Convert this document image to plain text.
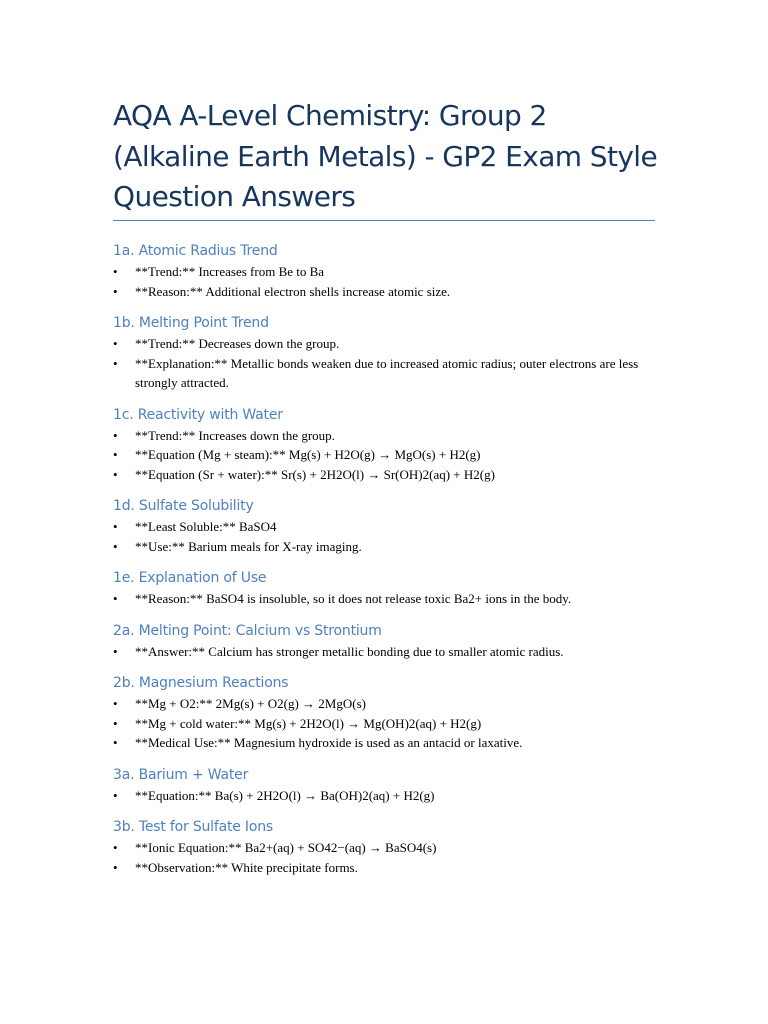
AQA A-Level Chemistry: Group 2
(Alkaline Earth Metals) - GP2 Exam Style
Question Answers
1a. Atomic Radius Trend
•	**Trend:** Increases from Be to Ba
•	**Reason:** Additional electron shells increase atomic size.
1b. Melting Point Trend
•	**Trend:** Decreases down the group.
•	**Explanation:** Metallic bonds weaken due to increased atomic radius; outer electrons are less strongly attracted.
1c. Reactivity with Water
•	**Trend:** Increases down the group.
•	**Equation (Mg + steam):** Mg(s) + H2O(g) → MgO(s) + H2(g)
•	**Equation (Sr + water):** Sr(s) + 2H2O(l) → Sr(OH)2(aq) + H2(g)
1d. Sulfate Solubility
•	**Least Soluble:** BaSO4
•	**Use:** Barium meals for X-ray imaging.
1e. Explanation of Use
•	**Reason:** BaSO4 is insoluble, so it does not release toxic Ba2+ ions in the body.
2a. Melting Point: Calcium vs Strontium
•	**Answer:** Calcium has stronger metallic bonding due to smaller atomic radius.
2b. Magnesium Reactions
•	**Mg + O2:** 2Mg(s) + O2(g) → 2MgO(s)
•	**Mg + cold water:** Mg(s) + 2H2O(l) → Mg(OH)2(aq) + H2(g)
•	**Medical Use:** Magnesium hydroxide is used as an antacid or laxative.
3a. Barium + Water
•	**Equation:** Ba(s) + 2H2O(l) → Ba(OH)2(aq) + H2(g)
3b. Test for Sulfate Ions
•	**Ionic Equation:** Ba2+(aq) + SO42−(aq) → BaSO4(s)
•	**Observation:** White precipitate forms.
